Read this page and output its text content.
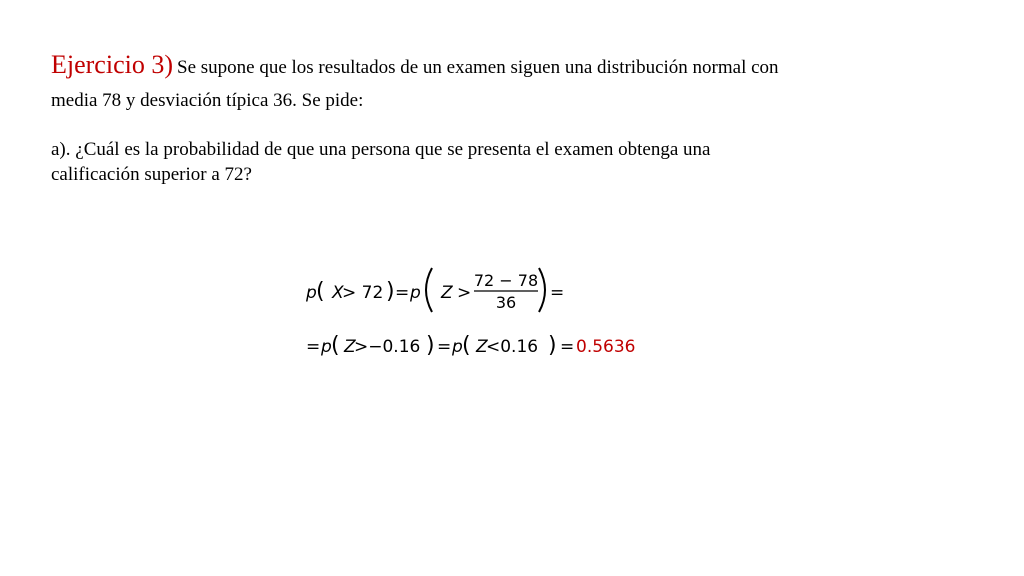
Ejercicio 3) Se supone que los resultados de un examen siguen una distribución normal con
media 78 y desviación típica 36. Se pide:
a). ¿Cuál es la probabilidad de que una persona que se presenta el examen obtenga una
calificación superior a 72?
p ( X
> 72 ) = p Z >
72 − 78
36 =
= p ( Z
>−0.16 ) = p ( Z
<0.16 ) = 0.5636
